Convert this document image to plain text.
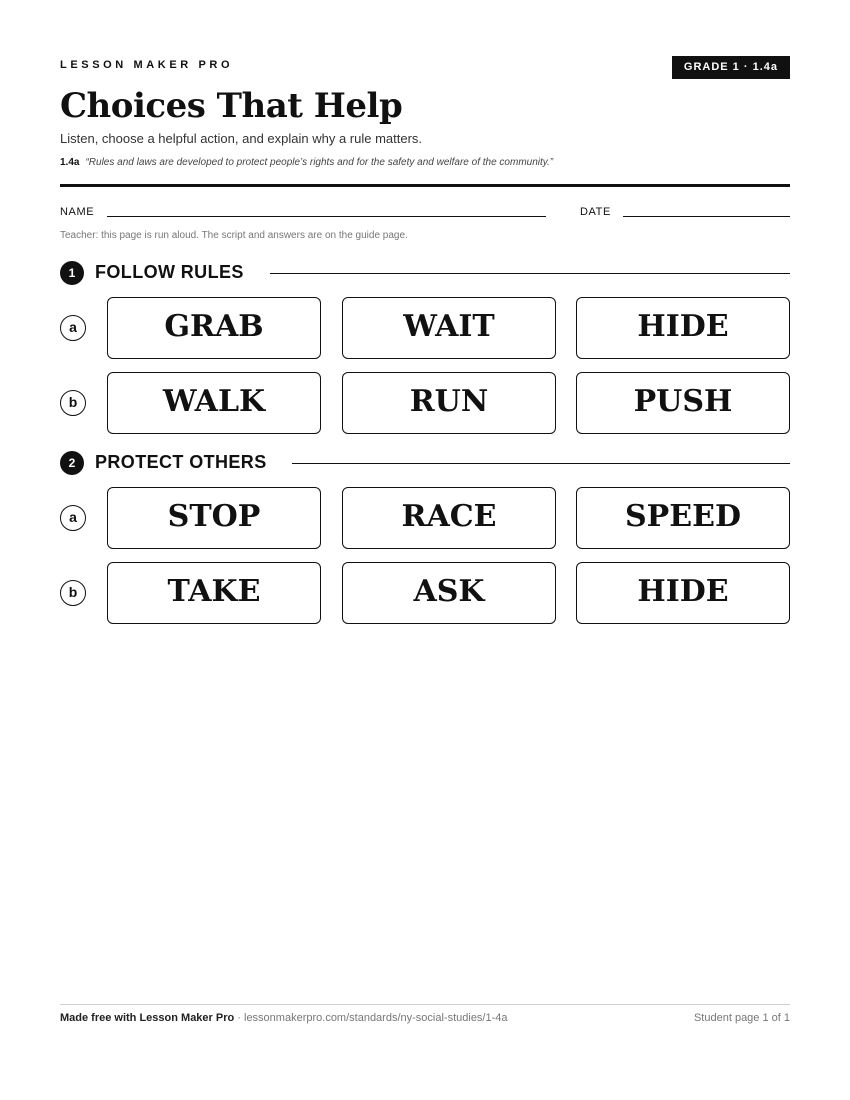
LESSON MAKER PRO	GRADE 1 · 1.4a
Choices That Help
Listen, choose a helpful action, and explain why a rule matters.
1.4a “Rules and laws are developed to protect people’s rights and for the safety and welfare of the community.”
NAME	DATE
Teacher: this page is run aloud. The script and answers are on the guide page.
1	FOLLOW RULES
a	GRAB	WAIT	HIDE
b	WALK	RUN	PUSH
2	PROTECT OTHERS
a	STOP	RACE	SPEED
b	TAKE	ASK	HIDE
Made free with Lesson Maker Pro · lessonmakerpro.com/standards/ny-social-studies/1-4a	Student page 1 of 1
